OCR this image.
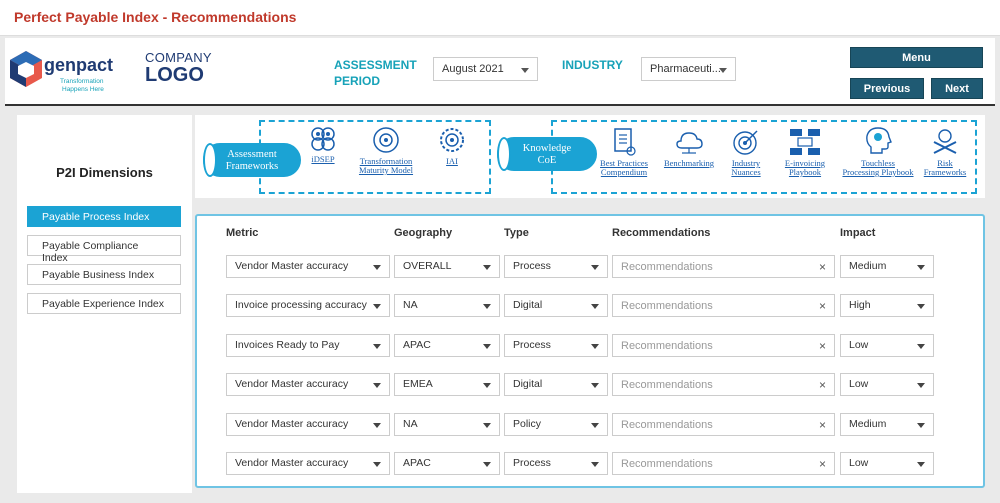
Perfect Payable Index - Recommendations
genpact
Transformation
Happens Here
COMPANY
LOGO	ASSESSMENT
PERIOD
August 2021	INDUSTRY	Pharmaceuti...
Menu
Previous	Next
P2I Dimensions
Payable Process Index
Payable Compliance Index
Payable Business Index
Payable Experience Index
Assessment
Frameworks
Knowledge
CoE
iDSEP	Transformation
Maturity Model
IAI	Best Practices
Compendium
Benchmarking	Industry
Nuances
E-invoicing
Playbook
Touchless
Processing Playbook
Risk
Frameworks
Metric	Geography	Type	Recommendations	Impact
Vendor Master accuracy	OVERALL	Process	Recommendations	×	Medium
Invoice processing accuracy	NA	Digital	Recommendations	×	High
Invoices Ready to Pay	APAC	Process	Recommendations	×	Low
Vendor Master accuracy	EMEA	Digital	Recommendations	×	Low
Vendor Master accuracy	NA	Policy	Recommendations	×	Medium
Vendor Master accuracy	APAC	Process	Recommendations	×	Low
